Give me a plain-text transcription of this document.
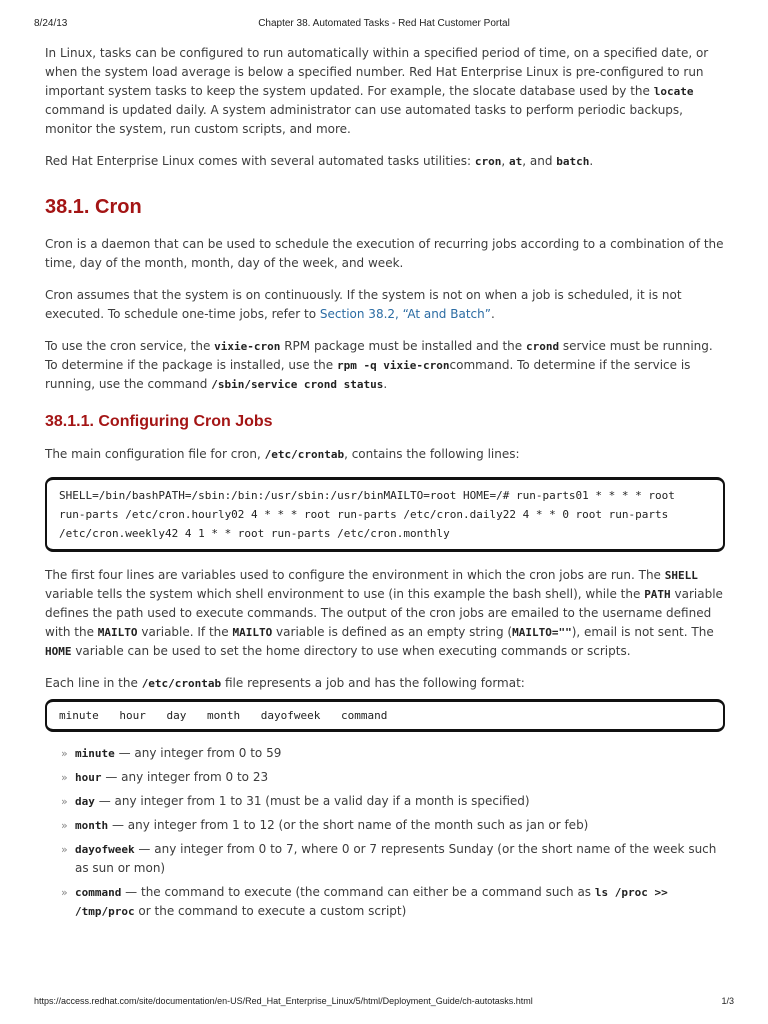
8/24/13	Chapter 38. Automated Tasks - Red Hat Customer Portal

In Linux, tasks can be configured to run automatically within a specified period of time, on a specified date, or when the system load average is below a specified number. Red Hat Enterprise Linux is pre-configured to run important system tasks to keep the system updated. For example, the slocate database used by the locate command is updated daily. A system administrator can use automated tasks to perform periodic backups, monitor the system, run custom scripts, and more.

Red Hat Enterprise Linux comes with several automated tasks utilities: cron, at, and batch.

38.1. Cron

Cron is a daemon that can be used to schedule the execution of recurring jobs according to a combination of the time, day of the month, month, day of the week, and week.

Cron assumes that the system is on continuously. If the system is not on when a job is scheduled, it is not executed. To schedule one-time jobs, refer to Section 38.2, “At and Batch”.

To use the cron service, the vixie-cron RPM package must be installed and the crond service must be running. To determine if the package is installed, use the rpm -q vixie-croncommand. To determine if the service is running, use the command /sbin/service crond status.

38.1.1. Configuring Cron Jobs

The main configuration file for cron, /etc/crontab, contains the following lines:

SHELL=/bin/bashPATH=/sbin:/bin:/usr/sbin:/usr/binMAILTO=root HOME=/# run-parts01 * * * * root
run-parts /etc/cron.hourly02 4 * * * root run-parts /etc/cron.daily22 4 * * 0 root run-parts
/etc/cron.weekly42 4 1 * * root run-parts /etc/cron.monthly

The first four lines are variables used to configure the environment in which the cron jobs are run. The SHELL variable tells the system which shell environment to use (in this example the bash shell), while the PATH variable defines the path used to execute commands. The output of the cron jobs are emailed to the username defined with the MAILTO variable. If the MAILTO variable is defined as an empty string (MAILTO=""), email is not sent. The HOME variable can be used to set the home directory to use when executing commands or scripts.

Each line in the /etc/crontab file represents a job and has the following format:

minute hour day month dayofweek command
» minute — any integer from 0 to 59
» hour — any integer from 0 to 23
» day — any integer from 1 to 31 (must be a valid day if a month is specified)
» month — any integer from 1 to 12 (or the short name of the month such as jan or feb)
» dayofweek — any integer from 0 to 7, where 0 or 7 represents Sunday (or the short name of the week such as sun or mon)
» command — the command to execute (the command can either be a command such as ls /proc >> /tmp/proc or the command to execute a custom script)
https://access.redhat.com/site/documentation/en-US/Red_Hat_Enterprise_Linux/5/html/Deployment_Guide/ch-autotasks.html	1/3
